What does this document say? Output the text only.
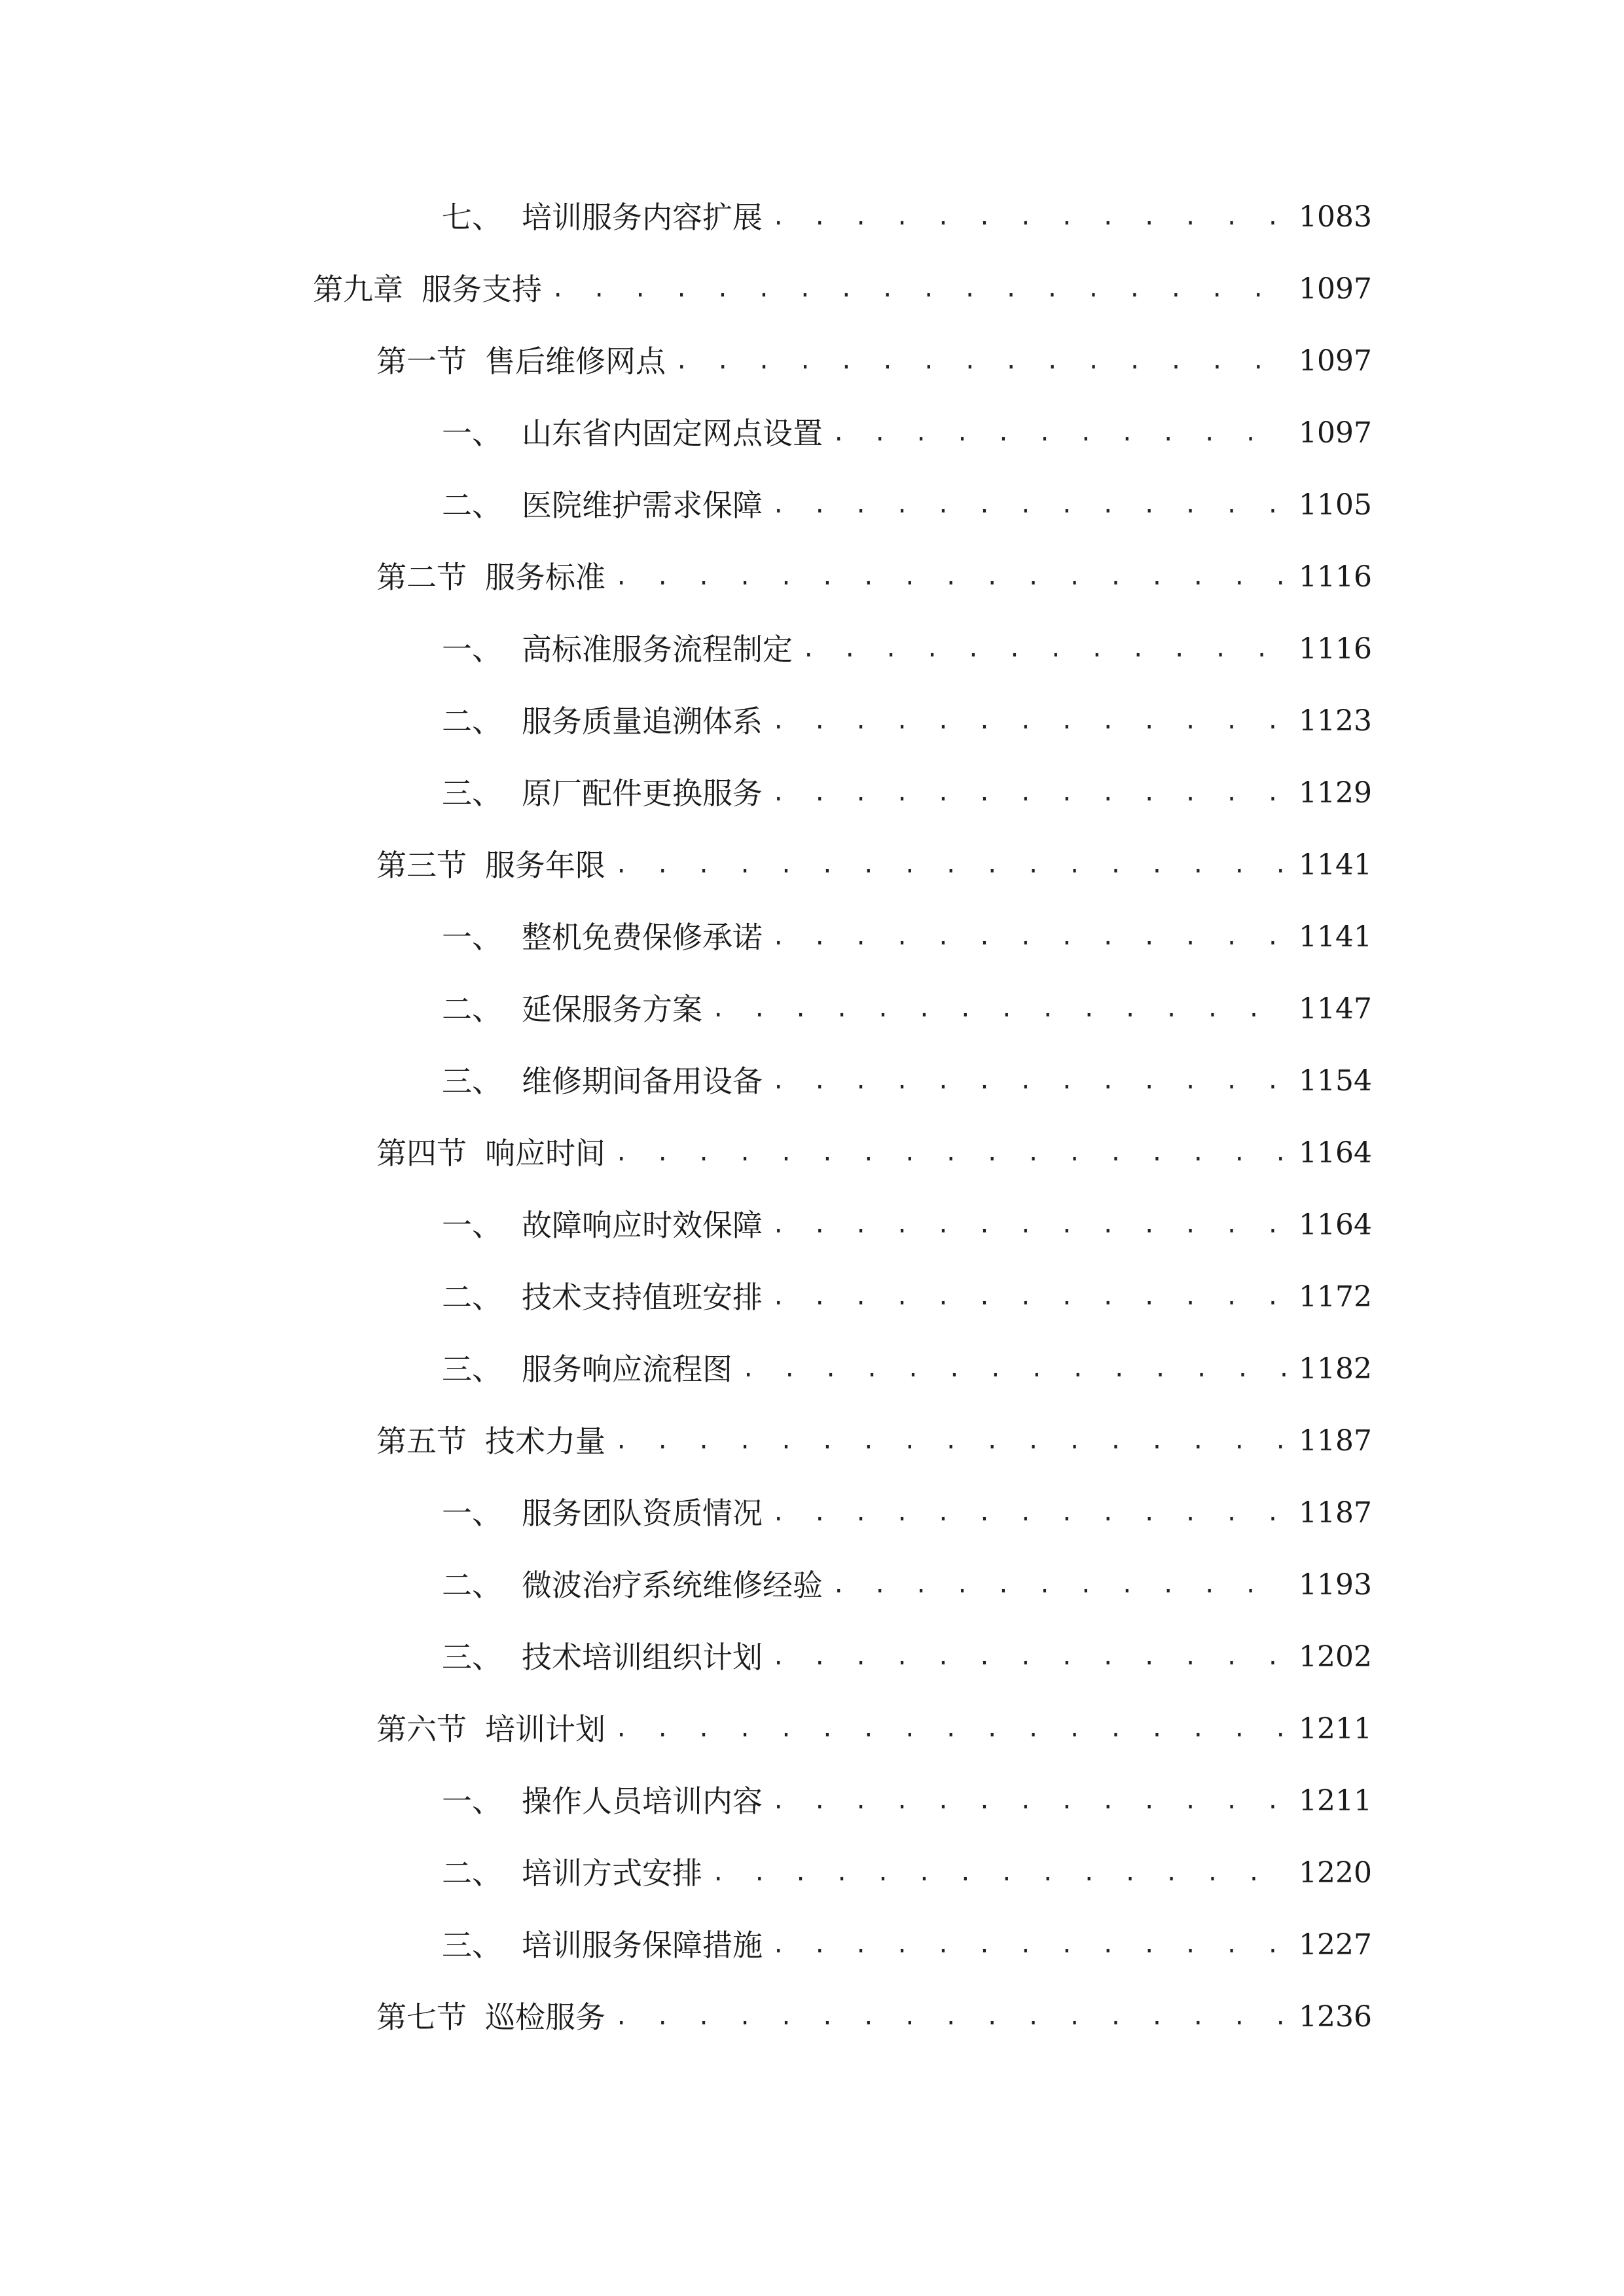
七、 培训服务内容扩展 . . .	1083
第九章 服务支持 . . .	1097
第一节 售后维修网点 . . .	1097
一、 山东省内固定网点设置 . . .	1097
二、 医院维护需求保障 . . .	1105
第二节 服务标准 . . .	1116
一、 高标准服务流程制定 . . .	1116
二、 服务质量追溯体系 . . .	1123
三、 原厂配件更换服务 . . .	1129
第三节 服务年限 . . .	1141
一、 整机免费保修承诺 . . .	1141
二、 延保服务方案 . . .	1147
三、 维修期间备用设备 . . .	1154
第四节 响应时间 . . .	1164
一、 故障响应时效保障 . . .	1164
二、 技术支持值班安排 . . .	1172
三、 服务响应流程图 . . .	1182
第五节 技术力量 . . .	1187
一、 服务团队资质情况 . . .	1187
二、 微波治疗系统维修经验 . . .	1193
三、 技术培训组织计划 . . .	1202
第六节 培训计划 . . .	1211
一、 操作人员培训内容 . . .	1211
二、 培训方式安排 . . .	1220
三、 培训服务保障措施 . . .	1227
第七节 巡检服务 . . .	1236
